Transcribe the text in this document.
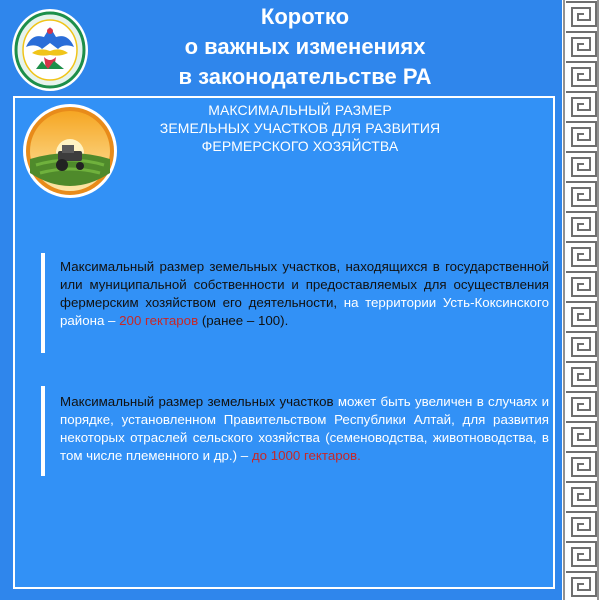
Коротко
о важных изменениях
в законодательстве РА
МАКСИМАЛЬНЫЙ РАЗМЕР
ЗЕМЕЛЬНЫХ УЧАСТКОВ ДЛЯ РАЗВИТИЯ
ФЕРМЕРСКОГО ХОЗЯЙСТВА
Максимальный размер земельных участков, находящихся в государственной или муниципальной собственности и предоставляемых для осуществления фермерским хозяйством его деятельности, на территории Усть-Коксинского района – 200 гектаров (ранее – 100).
Максимальный размер земельных участков может быть увеличен в случаях и порядке, установленном Правительством Республики Алтай, для развития некоторых отраслей сельского хозяйства (семеноводства, животноводства, в том числе племенного и др.) – до 1000 гектаров.
